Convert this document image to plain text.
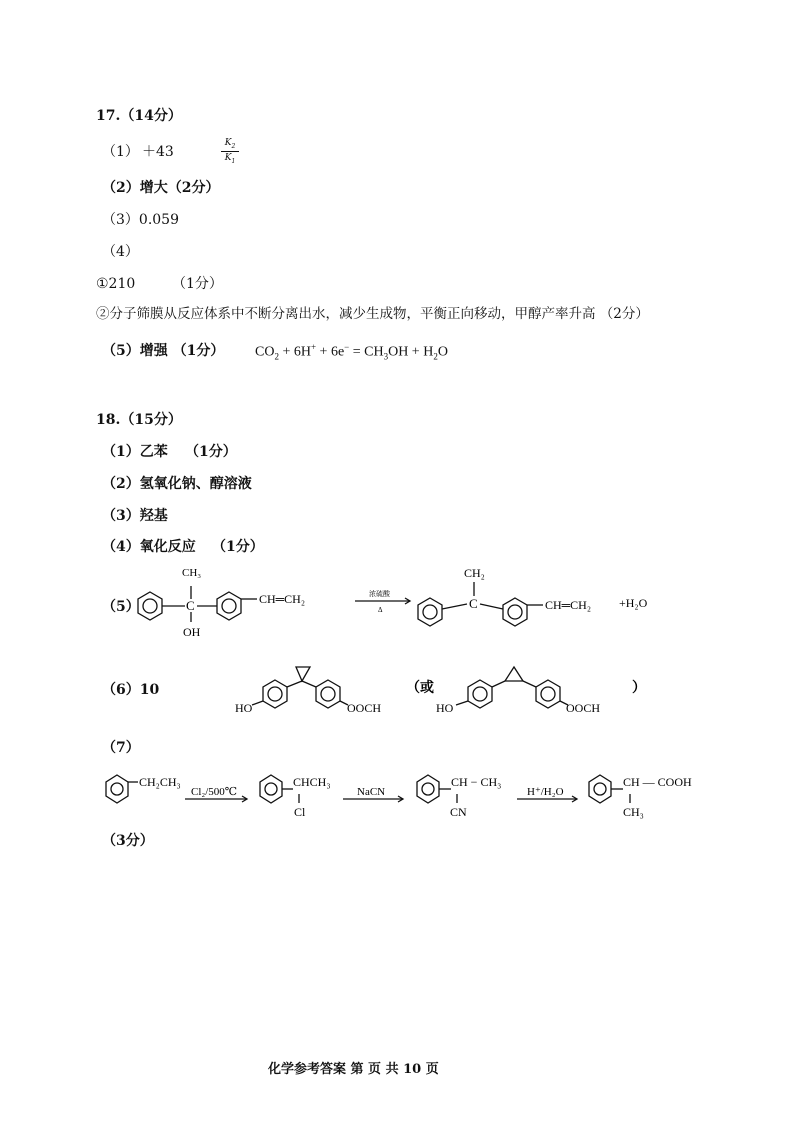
17.（14分）
（1） ＋43	$\frac{K_2}{K_1}$
（2）增大（2分）
（3）0.059
（4）
①210	（1分）
②分子筛膜从反应体系中不断分离出水，减少生成物，平衡正向移动，甲醇产率升高 （2分）
（5）增强 （1分） $CO_2 + 6H^+ + 6e^- = CH_3OH + H_2O$
18.（15分）
（1）乙苯 （1分）
（2）氢氧化钠、醇溶液
（3）羟基
（4）氧化反应 （1分）
（5）
CH₃
C
OH
CH═CH₂	浓硫酸
Δ
CH₂
C	CH═CH₂ +H₂O
（6）10
HO	OOCH
（或
HO	OOCH
）
（7）
CH₂CH₃
Cl₂/500℃
CHCH₃
Cl
NaCN
CH − CH₃
CN
H⁺/H₂O
CH — COOH
CH₃
（3分）
化学参考答案 第 页 共 10 页
